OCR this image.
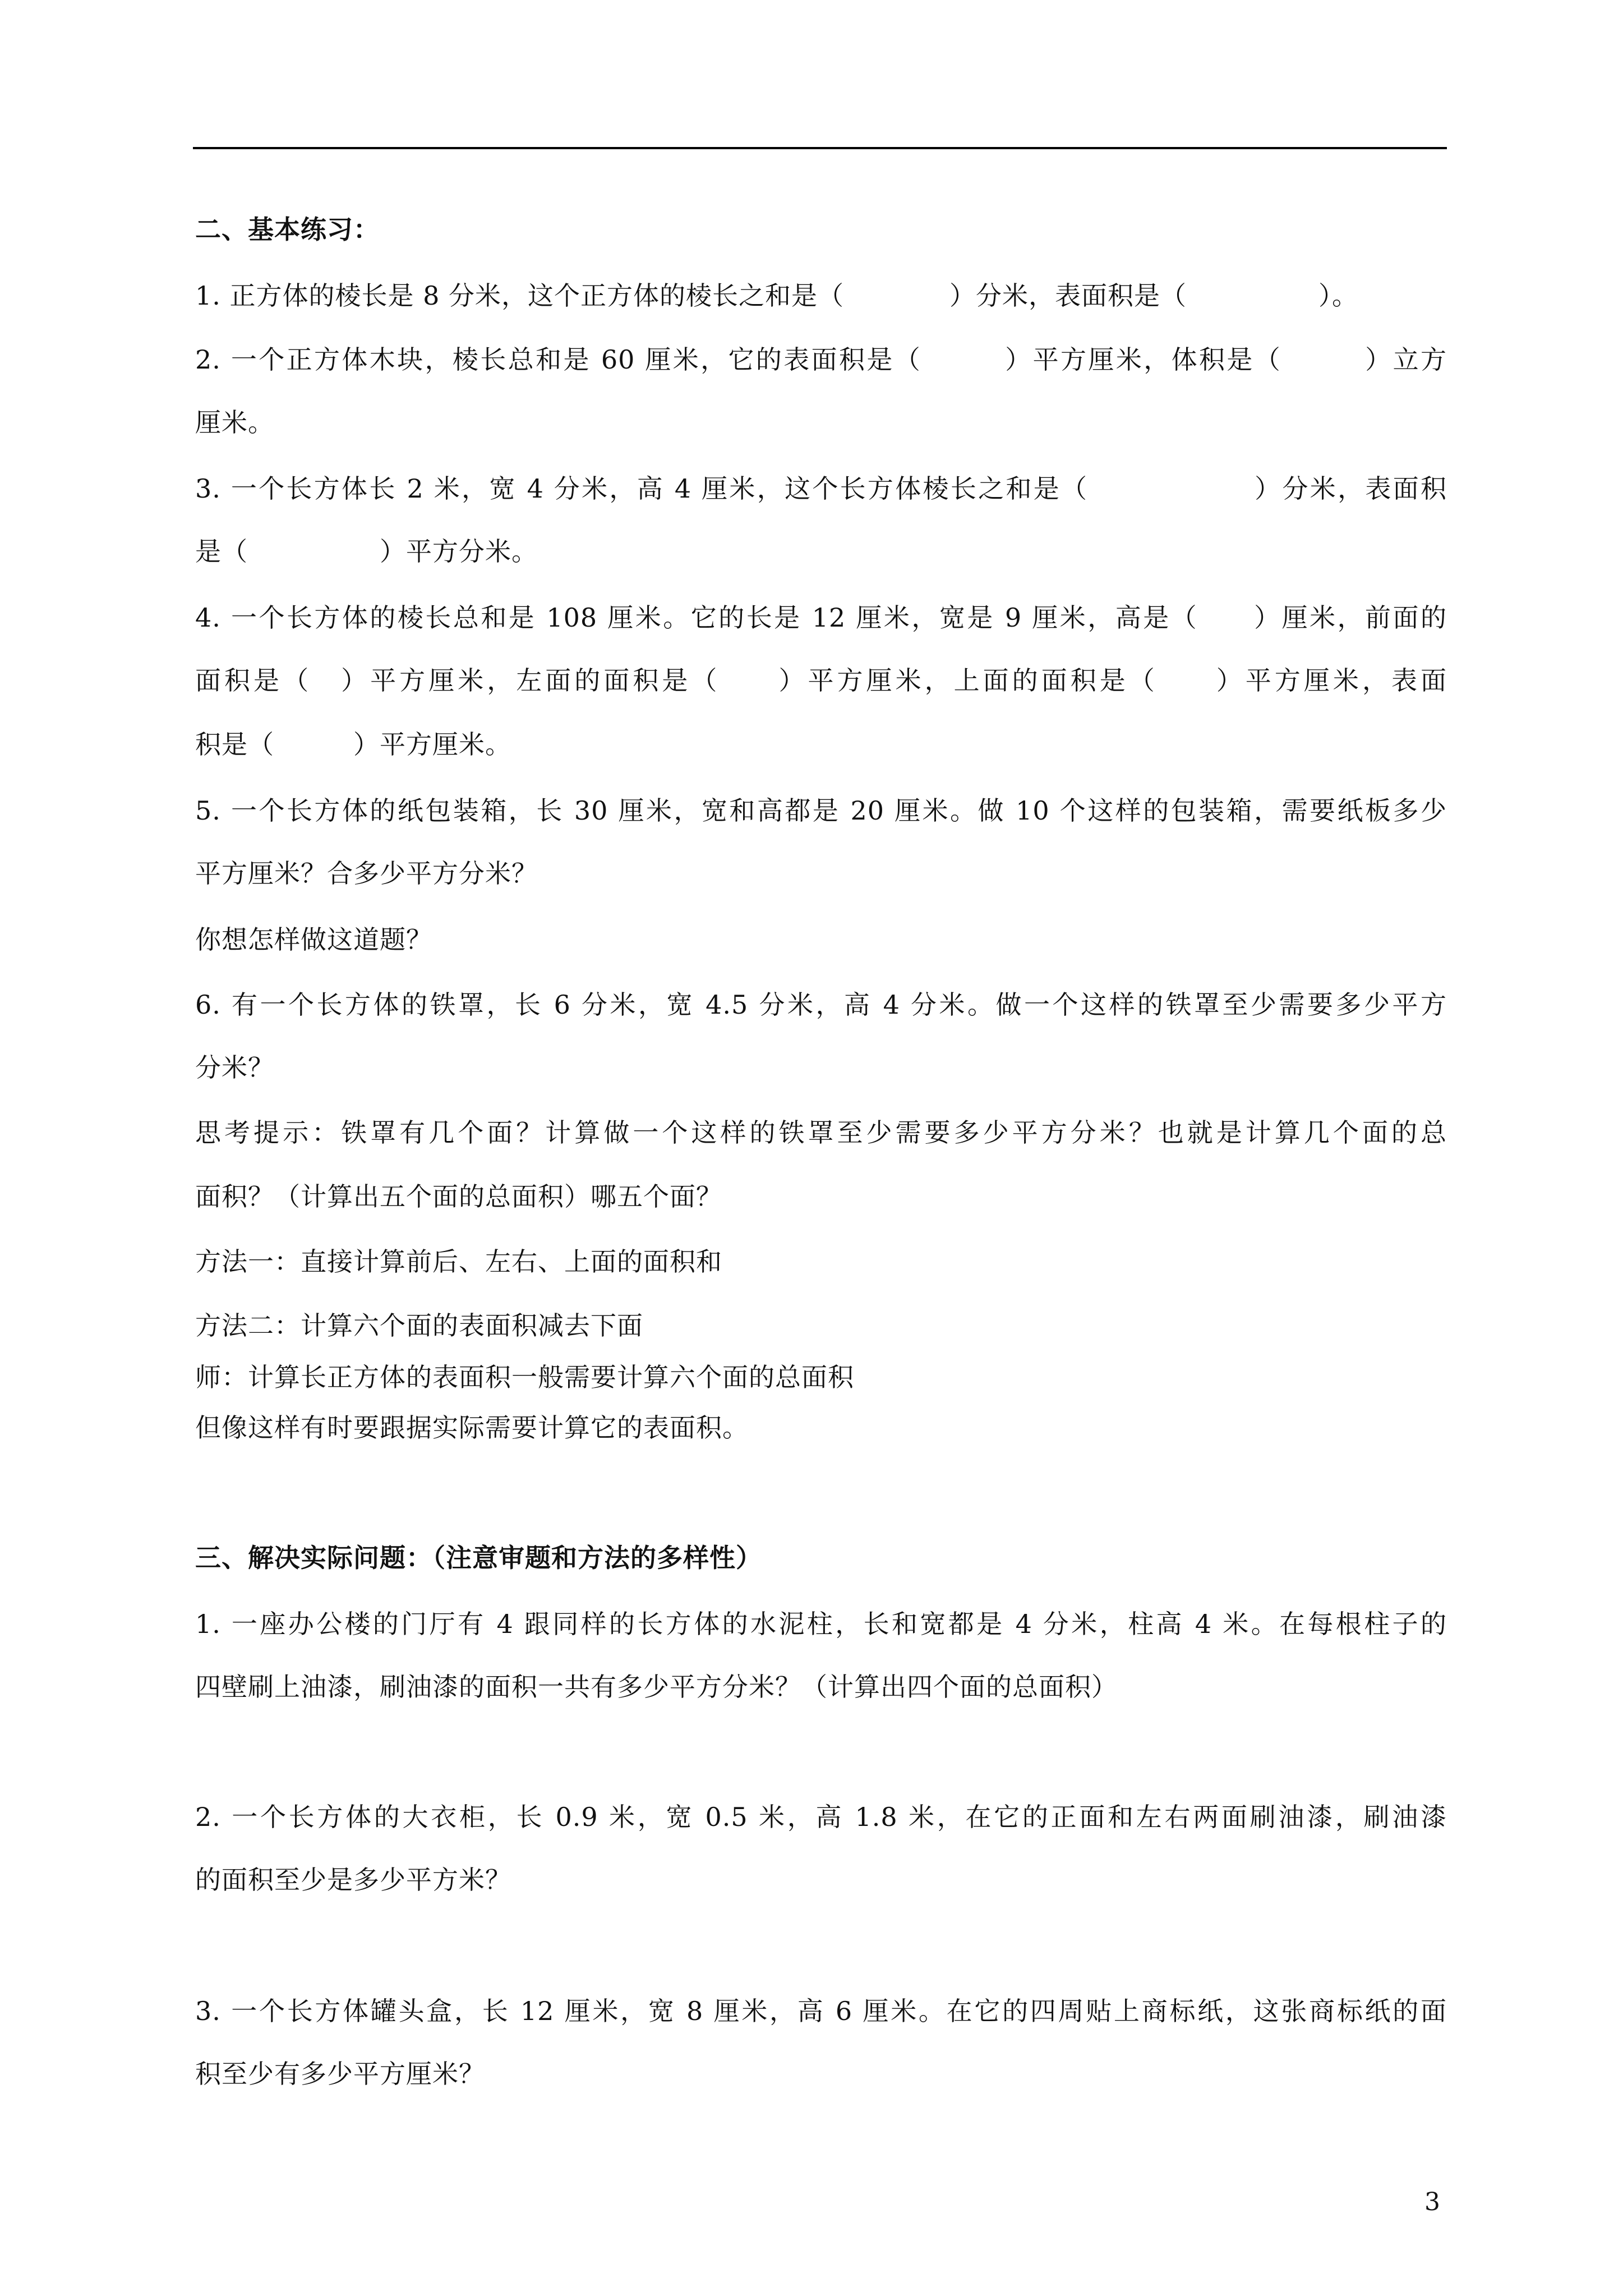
二、基本练习：
1. 正方体的棱长是 8 分米，这个正方体的棱长之和是（　　　　）分米，表面积是（　　　　　）。
2. 一个正方体木块，棱长总和是 60 厘米，它的表面积是（　　　）平方厘米，体积是（　　　）立方
厘米。
3. 一个长方体长 2 米，宽 4 分米，高 4 厘米，这个长方体棱长之和是（　　　　　　）分米，表面积
是（　　　　　）平方分米。
4. 一个长方体的棱长总和是 108 厘米。它的长是 12 厘米，宽是 9 厘米，高是（　　）厘米，前面的
面积是（　）平方厘米，左面的面积是（　　）平方厘米，上面的面积是（　　）平方厘米，表面
积是（　　　）平方厘米。
5. 一个长方体的纸包装箱，长 30 厘米，宽和高都是 20 厘米。做 10 个这样的包装箱，需要纸板多少
平方厘米？合多少平方分米？
你想怎样做这道题？
6. 有一个长方体的铁罩，长 6 分米，宽 4.5 分米，高 4 分米。做一个这样的铁罩至少需要多少平方
分米？
思考提示：铁罩有几个面？计算做一个这样的铁罩至少需要多少平方分米？也就是计算几个面的总
面积？（计算出五个面的总面积）哪五个面？
方法一：直接计算前后、左右、上面的面积和
方法二：计算六个面的表面积减去下面
师：计算长正方体的表面积一般需要计算六个面的总面积
但像这样有时要跟据实际需要计算它的表面积。
三、解决实际问题：（注意审题和方法的多样性）
1. 一座办公楼的门厅有 4 跟同样的长方体的水泥柱，长和宽都是 4 分米，柱高 4 米。在每根柱子的
四壁刷上油漆，刷油漆的面积一共有多少平方分米？（计算出四个面的总面积）
2. 一个长方体的大衣柜，长 0.9 米，宽 0.5 米，高 1.8 米，在它的正面和左右两面刷油漆，刷油漆
的面积至少是多少平方米？
3. 一个长方体罐头盒，长 12 厘米，宽 8 厘米，高 6 厘米。在它的四周贴上商标纸，这张商标纸的面
积至少有多少平方厘米？
3
